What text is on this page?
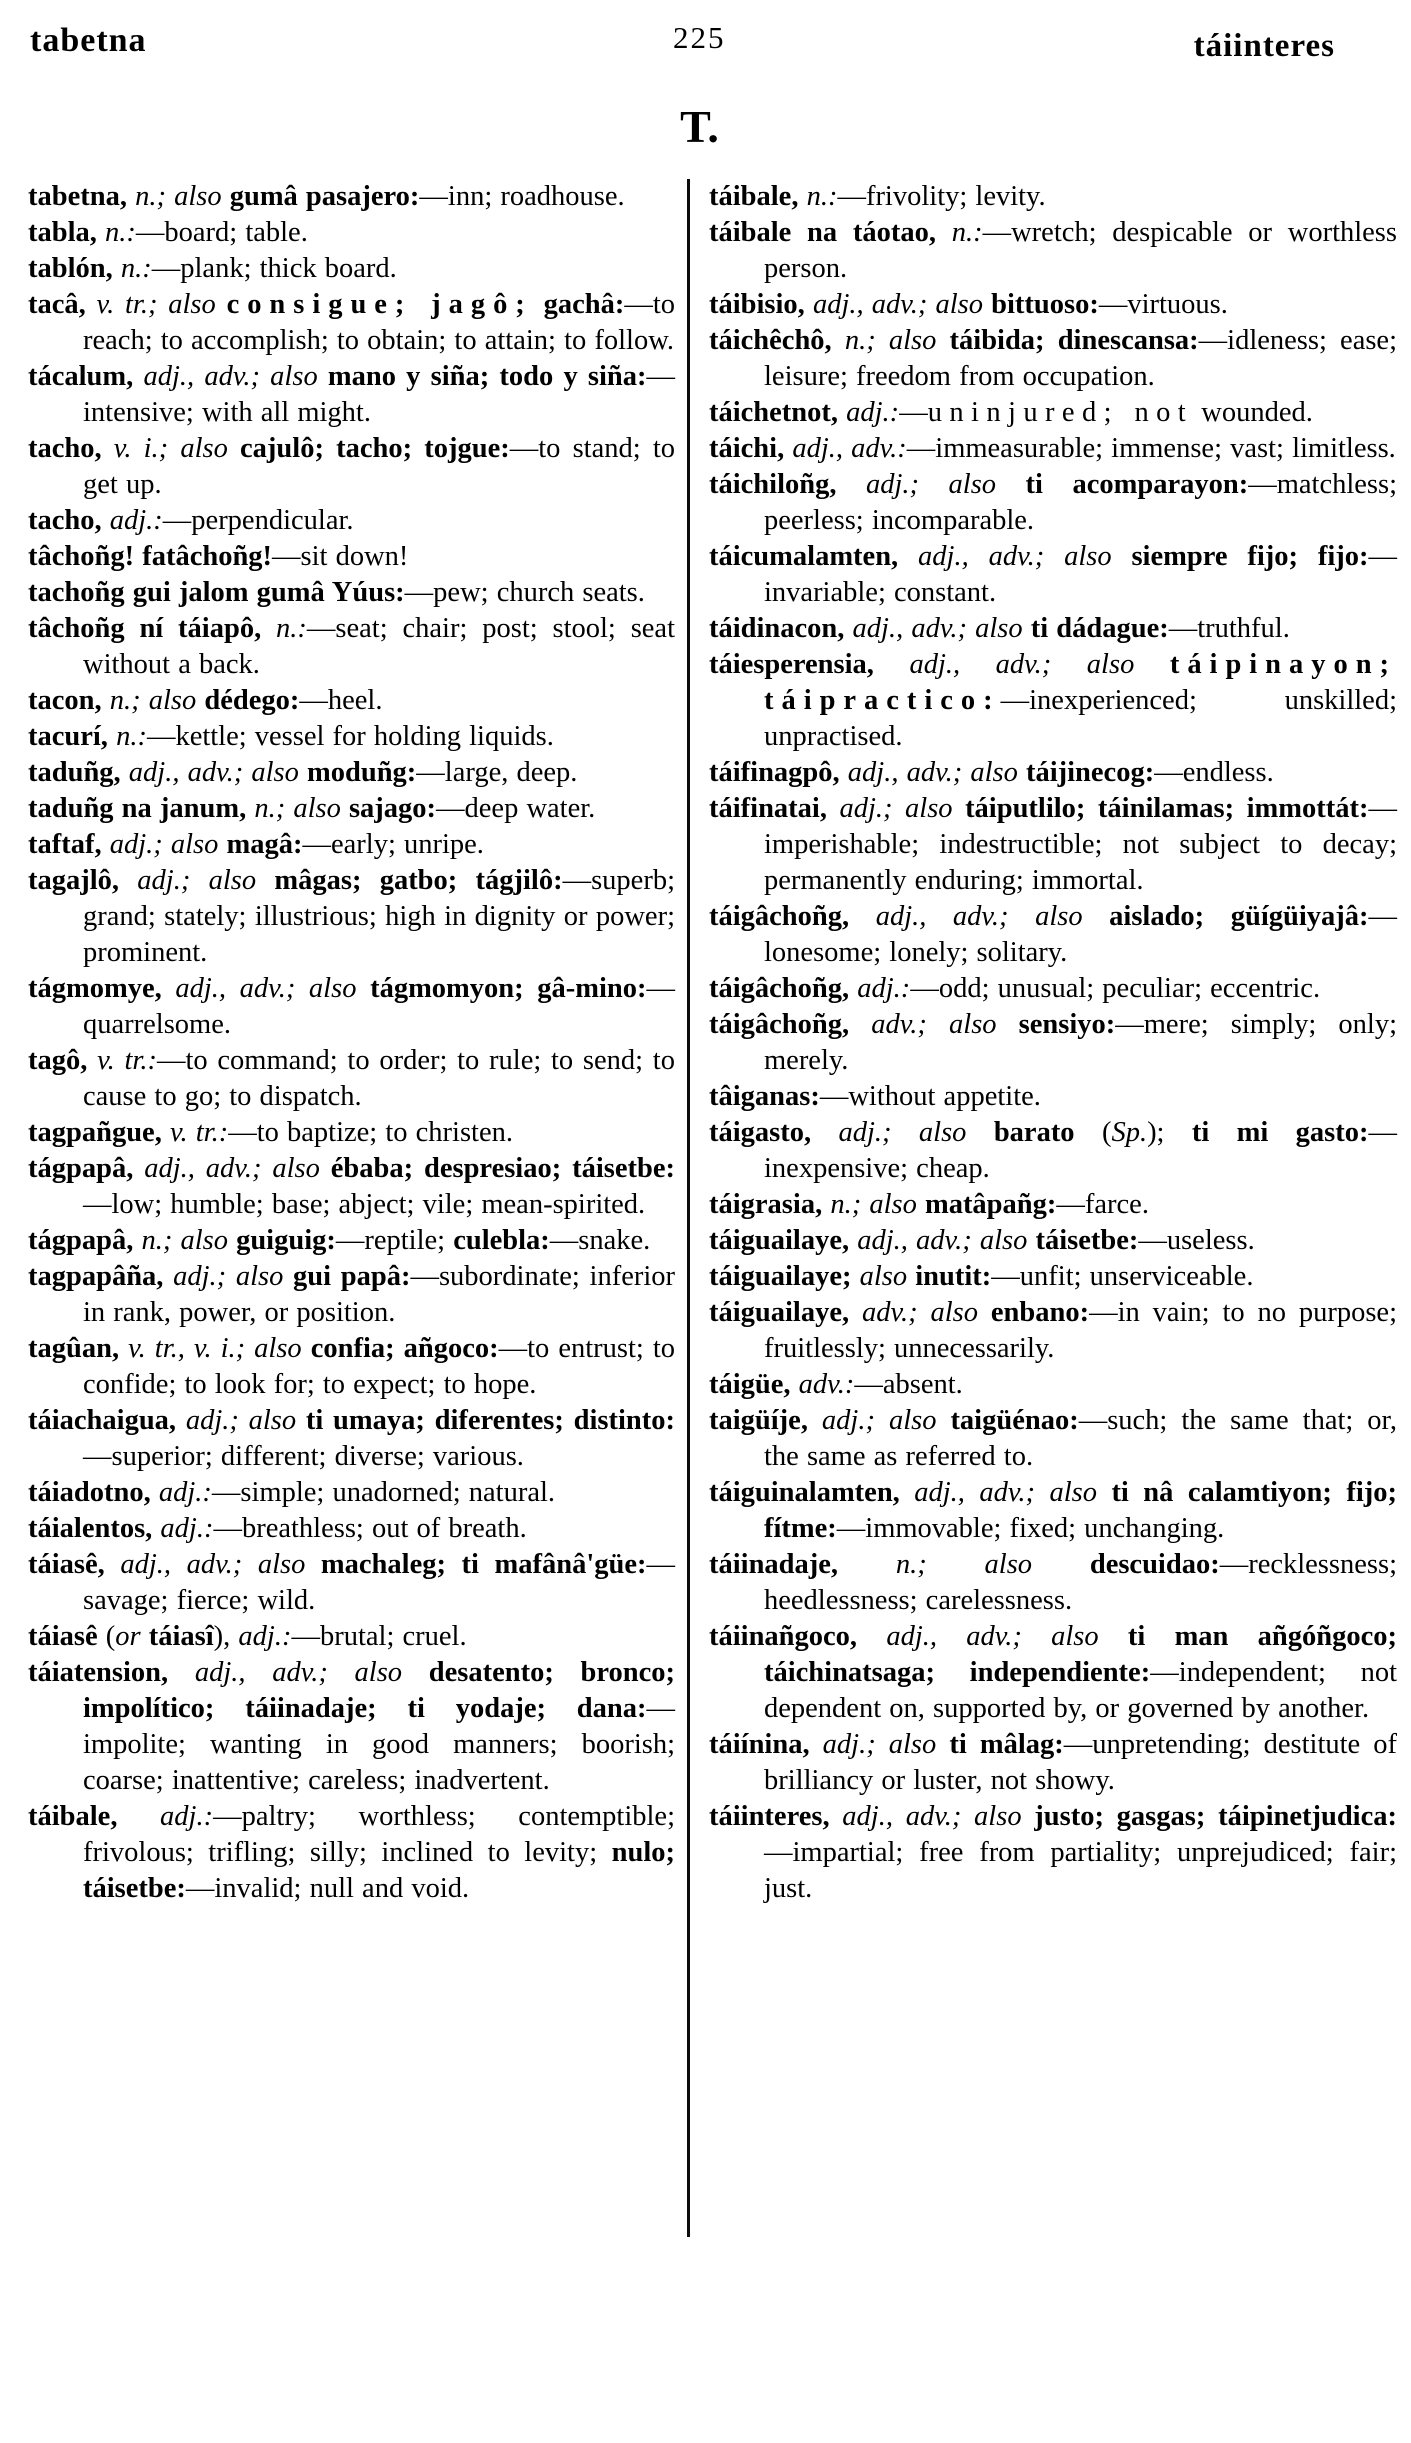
tabetna	225	táiinteres
T.

tabetna, n.; also gumâ pasajero:—inn; roadhouse.

tabla, n.:—board; table.

tablón, n.:—plank; thick board.

tacâ, v. tr.; also consigue; jagô; gachâ:—to reach; to accomplish; to obtain; to attain; to follow.

tácalum, adj., adv.; also mano y siña; todo y siña:—intensive; with all might.

tacho, v. i.; also cajulô; tacho; tojgue:—to stand; to get up.

tacho, adj.:—perpendicular.

tâchoñg! fatâchoñg!—sit down!

tachoñg gui jalom gumâ Yúus:—pew; church seats.

tâchoñg ní táiapô, n.:—seat; chair; post; stool; seat without a back.

tacon, n.; also dédego:—heel.

tacurí, n.:—kettle; vessel for holding liquids.

taduñg, adj., adv.; also moduñg:—large, deep.

taduñg na janum, n.; also sajago:—deep water.

taftaf, adj.; also magâ:—early; unripe.

tagajlô, adj.; also mâgas; gatbo; tágjilô:—superb; grand; stately; illustrious; high in dignity or power; prominent.

tágmomye, adj., adv.; also tágmomyon; gâ-mino:—quarrelsome.

tagô, v. tr.:—to command; to order; to rule; to send; to cause to go; to dispatch.

tagpañgue, v. tr.:—to baptize; to christen.

tágpapâ, adj., adv.; also ébaba; despresiao; táisetbe:—low; humble; base; abject; vile; mean-spirited.

tágpapâ, n.; also guiguig:—reptile; culebla:—snake.

tagpapâña, adj.; also gui papâ:—subordinate; inferior in rank, power, or position.

tagûan, v. tr., v. i.; also confia; añgoco:—to entrust; to confide; to look for; to expect; to hope.

táiachaigua, adj.; also ti umaya; diferentes; distinto:—superior; different; diverse; various.

táiadotno, adj.:—simple; unadorned; natural.

táialentos, adj.:—breathless; out of breath.

táiasê, adj., adv.; also machaleg; ti mafânâ'güe:—savage; fierce; wild.

táiasê (or táiasî), adj.:—brutal; cruel.

táiatension, adj., adv.; also desatento; bronco; impolítico; táiinadaje; ti yodaje; dana:—impolite; wanting in good manners; boorish; coarse; inattentive; careless; inadvertent.

táibale, adj.:—paltry; worthless; contemptible; frivolous; trifling; silly; inclined to levity; nulo; táisetbe:—invalid; null and void.

táibale, n.:—frivolity; levity.

táibale na táotao, n.:—wretch; despicable or worthless person.

táibisio, adj., adv.; also bittuoso:—virtuous.

táichêchô, n.; also táibida; dinescansa:—idleness; ease; leisure; freedom from occupation.

táichetnot, adj.:—uninjured; not wounded.

táichi, adj., adv.:—immeasurable; immense; vast; limitless.

táichiloñg, adj.; also ti acomparayon:—matchless; peerless; incomparable.

táicumalamten, adj., adv.; also siempre fijo; fijo:—invariable; constant.

táidinacon, adj., adv.; also ti dádague:—truthful.

táiesperensia, adj., adv.; also táipinayon; táipractico:—inexperienced; unskilled; unpractised.

táifinagpô, adj., adv.; also táijinecog:—endless.

táifinatai, adj.; also táiputlilo; táinilamas; immottát:—imperishable; indestructible; not subject to decay; permanently enduring; immortal.

táigâchoñg, adj., adv.; also aislado; güígüiyajâ:—lonesome; lonely; solitary.

táigâchoñg, adj.:—odd; unusual; peculiar; eccentric.

táigâchoñg, adv.; also sensiyo:—mere; simply; only; merely.

tâiganas:—without appetite.

táigasto, adj.; also barato (Sp.); ti mi gasto:—inexpensive; cheap.

táigrasia, n.; also matâpañg:—farce.

táiguailaye, adj., adv.; also táisetbe:—useless.

táiguailaye; also inutit:—unfit; unserviceable.

táiguailaye, adv.; also enbano:—in vain; to no purpose; fruitlessly; unnecessarily.

táigüe, adv.:—absent.

taigüíje, adj.; also taigüénao:—such; the same that; or, the same as referred to.

táiguinalamten, adj., adv.; also ti nâ calamtiyon; fijo; fítme:—immovable; fixed; unchanging.

táiinadaje, n.; also descuidao:—recklessness; heedlessness; carelessness.

táiinañgoco, adj., adv.; also ti man añgóñgoco; táichinatsaga; independiente:—independent; not dependent on, supported by, or governed by another.

táiínina, adj.; also ti mâlag:—unpretending; destitute of brilliancy or luster, not showy.

táiinteres, adj., adv.; also justo; gasgas; táipinetjudica:—impartial; free from partiality; unprejudiced; fair; just.
